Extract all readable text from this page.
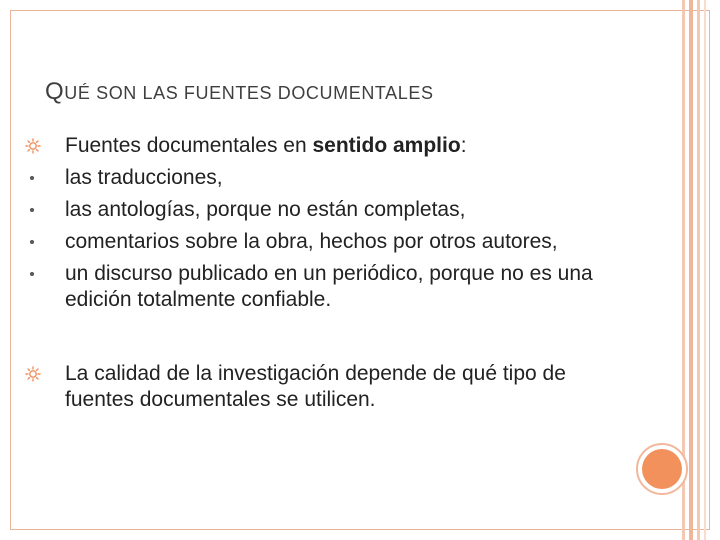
QUÉ SON LAS FUENTES DOCUMENTALES
Fuentes documentales en sentido amplio:
las traducciones,
las antologías, porque no están completas,
comentarios sobre la obra, hechos por otros autores,
un discurso publicado en un periódico, porque no es una edición totalmente confiable.
La calidad de la investigación depende de qué tipo de fuentes documentales se utilicen.
